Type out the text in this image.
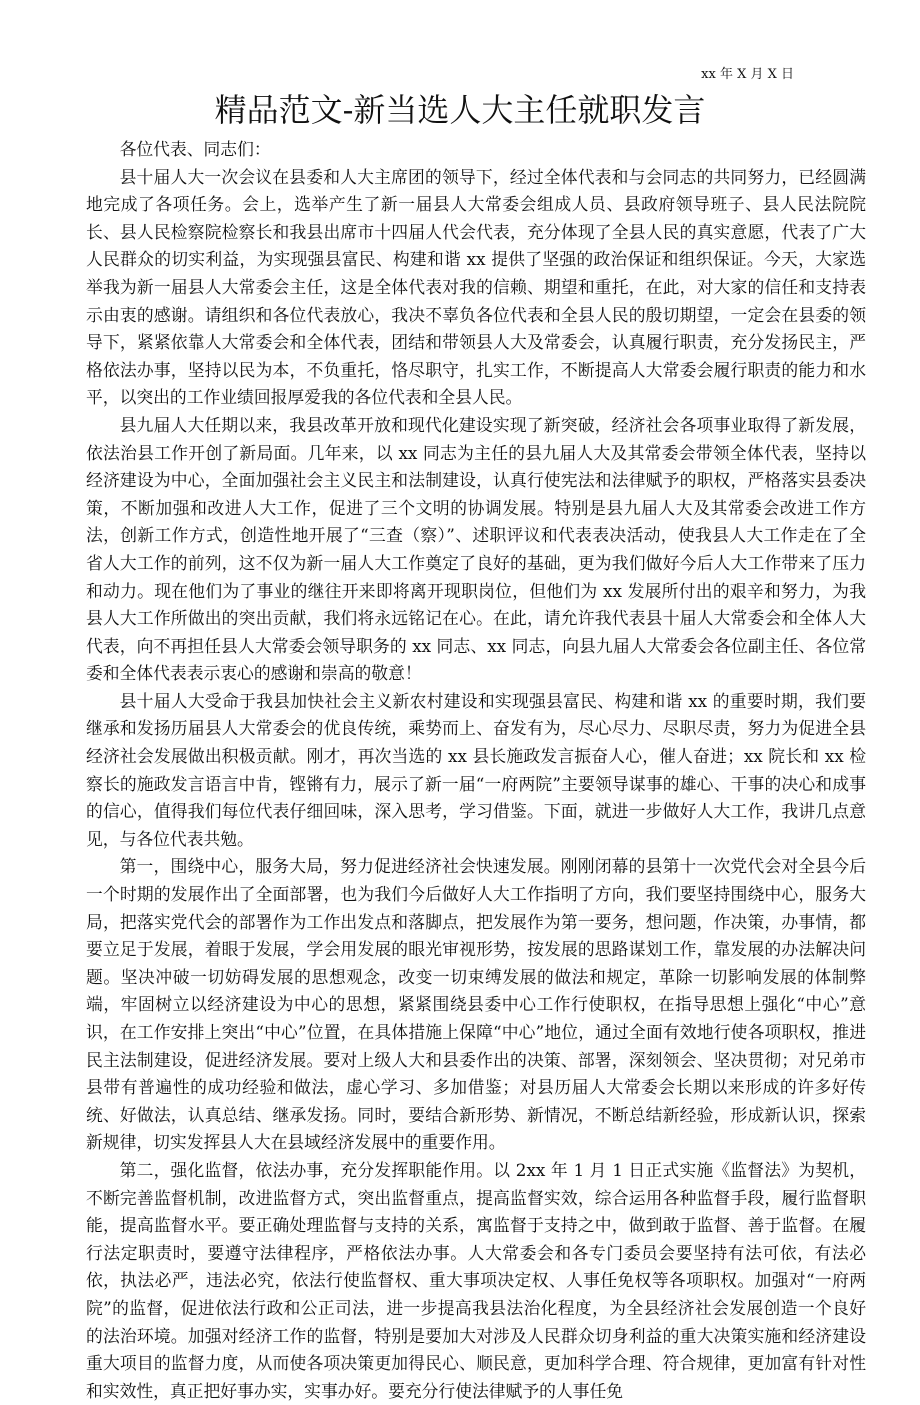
xx 年 X 月 X 日
精品范文-新当选人大主任就职发言

各位代表、同志们：

县十届人大一次会议在县委和人大主席团的领导下，经过全体代表和与会同志的共同努力，已经圆满地完成了各项任务。会上，选举产生了新一届县人大常委会组成人员、县政府领导班子、县人民法院院长、县人民检察院检察长和我县出席市十四届人代会代表，充分体现了全县人民的真实意愿，代表了广大人民群众的切实利益，为实现强县富民、构建和谐 xx 提供了坚强的政治保证和组织保证。今天，大家选举我为新一届县人大常委会主任，这是全体代表对我的信赖、期望和重托，在此，对大家的信任和支持表示由衷的感谢。请组织和各位代表放心，我决不辜负各位代表和全县人民的殷切期望，一定会在县委的领导下，紧紧依靠人大常委会和全体代表，团结和带领县人大及常委会，认真履行职责，充分发扬民主，严格依法办事，坚持以民为本，不负重托，恪尽职守，扎实工作，不断提高人大常委会履行职责的能力和水平，以突出的工作业绩回报厚爱我的各位代表和全县人民。

县九届人大任期以来，我县改革开放和现代化建设实现了新突破，经济社会各项事业取得了新发展，依法治县工作开创了新局面。几年来，以 xx 同志为主任的县九届人大及其常委会带领全体代表，坚持以经济建设为中心，全面加强社会主义民主和法制建设，认真行使宪法和法律赋予的职权，严格落实县委决策，不断加强和改进人大工作，促进了三个文明的协调发展。特别是县九届人大及其常委会改进工作方法，创新工作方式，创造性地开展了“三查（察）”、述职评议和代表表决活动，使我县人大工作走在了全省人大工作的前列，这不仅为新一届人大工作奠定了良好的基础，更为我们做好今后人大工作带来了压力和动力。现在他们为了事业的继往开来即将离开现职岗位，但他们为 xx 发展所付出的艰辛和努力，为我县人大工作所做出的突出贡献，我们将永远铭记在心。在此，请允许我代表县十届人大常委会和全体人大代表，向不再担任县人大常委会领导职务的 xx 同志、xx 同志，向县九届人大常委会各位副主任、各位常委和全体代表表示衷心的感谢和崇高的敬意！

县十届人大受命于我县加快社会主义新农村建设和实现强县富民、构建和谐 xx 的重要时期，我们要继承和发扬历届县人大常委会的优良传统，乘势而上、奋发有为，尽心尽力、尽职尽责，努力为促进全县经济社会发展做出积极贡献。刚才，再次当选的 xx 县长施政发言振奋人心，催人奋进；xx 院长和 xx 检察长的施政发言语言中肯，铿锵有力，展示了新一届“一府两院”主要领导谋事的雄心、干事的决心和成事的信心，值得我们每位代表仔细回味，深入思考，学习借鉴。下面，就进一步做好人大工作，我讲几点意见，与各位代表共勉。

第一，围绕中心，服务大局，努力促进经济社会快速发展。刚刚闭幕的县第十一次党代会对全县今后一个时期的发展作出了全面部署，也为我们今后做好人大工作指明了方向，我们要坚持围绕中心，服务大局，把落实党代会的部署作为工作出发点和落脚点，把发展作为第一要务，想问题，作决策，办事情，都要立足于发展，着眼于发展，学会用发展的眼光审视形势，按发展的思路谋划工作，靠发展的办法解决问题。坚决冲破一切妨碍发展的思想观念，改变一切束缚发展的做法和规定，革除一切影响发展的体制弊端，牢固树立以经济建设为中心的思想，紧紧围绕县委中心工作行使职权，在指导思想上强化“中心”意识，在工作安排上突出“中心”位置，在具体措施上保障“中心”地位，通过全面有效地行使各项职权，推进民主法制建设，促进经济发展。要对上级人大和县委作出的决策、部署，深刻领会、坚决贯彻；对兄弟市县带有普遍性的成功经验和做法，虚心学习、多加借鉴；对县历届人大常委会长期以来形成的许多好传统、好做法，认真总结、继承发扬。同时，要结合新形势、新情况，不断总结新经验，形成新认识，探索新规律，切实发挥县人大在县域经济发展中的重要作用。

第二，强化监督，依法办事，充分发挥职能作用。以 2xx 年 1 月 1 日正式实施《监督法》为契机，不断完善监督机制，改进监督方式，突出监督重点，提高监督实效，综合运用各种监督手段，履行监督职能，提高监督水平。要正确处理监督与支持的关系，寓监督于支持之中，做到敢于监督、善于监督。在履行法定职责时，要遵守法律程序，严格依法办事。人大常委会和各专门委员会要坚持有法可依，有法必依，执法必严，违法必究，依法行使监督权、重大事项决定权、人事任免权等各项职权。加强对“一府两院”的监督，促进依法行政和公正司法，进一步提高我县法治化程度，为全县经济社会发展创造一个良好的法治环境。加强对经济工作的监督，特别是要加大对涉及人民群众切身利益的重大决策实施和经济建设重大项目的监督力度，从而使各项决策更加得民心、顺民意，更加科学合理、符合规律，更加富有针对性和实效性，真正把好事办实，实事办好。要充分行使法律赋予的人事任免
